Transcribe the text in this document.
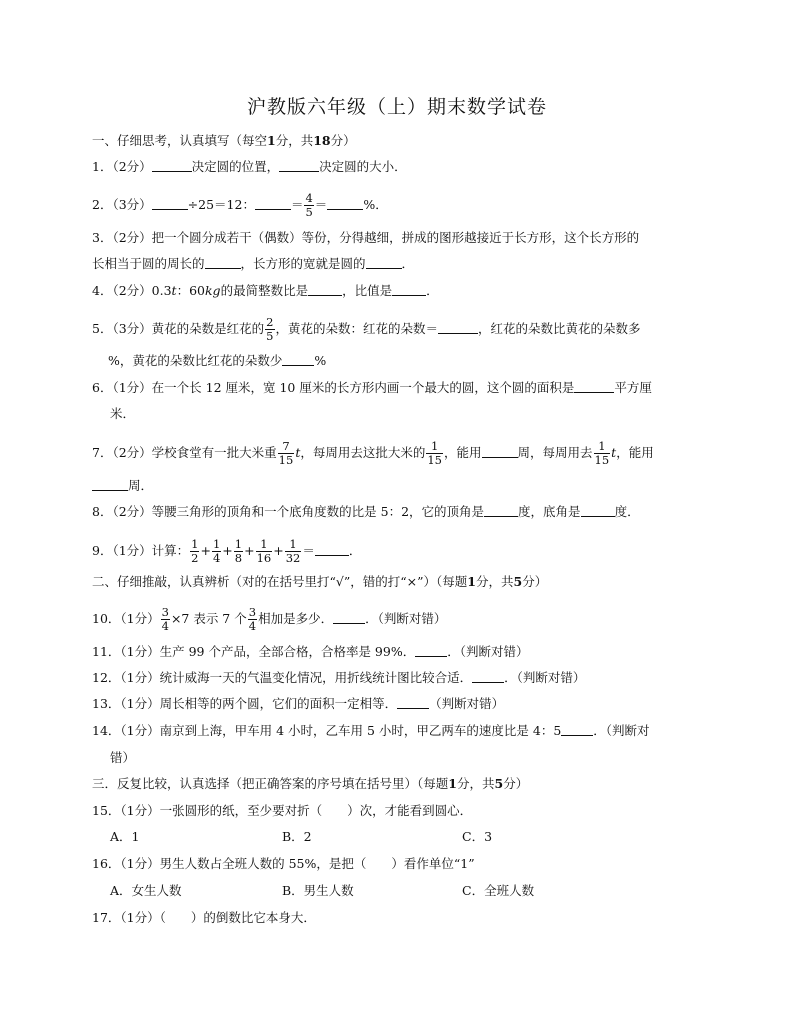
沪教版六年级（上）期末数学试卷
一、仔细思考，认真填写（每空1分，共18分）
1．（2分）	决定圆的位置，	决定圆的大小．
2．（3分）	÷25＝12：	＝ $\frac{4}{5}$ ＝	%．
3．（2分）把一个圆分成若干（偶数）等份，分得越细，拼成的图形越接近于长方形，这个长方形的
长相当于圆的周长的	，长方形的宽就是圆的	．
4．（2分）0.3t：60kg的最简整数比是	，比值是	．
5．（3分）黄花的朵数是红花的 $\frac{2}{5}$ ，黄花的朵数：红花的朵数＝	，红花的朵数比黄花的朵数多
%，黄花的朵数比红花的朵数少	%
6．（1分）在一个长 12 厘米，宽 10 厘米的长方形内画一个最大的圆，这个圆的面积是	平方厘
米．
7．（2分）学校食堂有一批大米重 $\frac{7}{15}$ t，每周用去这批大米的 $\frac{1}{15}$ ，能用	周，每周用去 $\frac{1}{15}$ t，能用
周．
8．（2分）等腰三角形的顶角和一个底角度数的比是 5：2，它的顶角是	度，底角是	度．
9．（1分）计算： $\frac{1}{2} + \frac{1}{4} + \frac{1}{8} + \frac{1}{16} + \frac{1}{32}$ ＝	．
二、仔细推敲，认真辨析（对的在括号里打“√”，错的打“×”）（每题1分，共5分）
10．（1分） $\frac{3}{4} \times 7$ 表示 7 个 $\frac{3}{4}$ 相加是多少．	．（判断对错）
11．（1分）生产 99 个产品，全部合格，合格率是 99%．	．（判断对错）
12．（1分）统计威海一天的气温变化情况，用折线统计图比较合适．	．（判断对错）
13．（1分）周长相等的两个圆，它们的面积一定相等．	（判断对错）
14．（1分）南京到上海，甲车用 4 小时，乙车用 5 小时，甲乙两车的速度比是 4：5	．（判断对
错）
三．反复比较，认真选择（把正确答案的序号填在括号里）（每题1分，共5分）
15．（1分）一张圆形的纸，至少要对折（　　）次，才能看到圆心．
A．1	B．2	C．3
16．（1分）男生人数占全班人数的 55%，是把（　　）看作单位“1”
A．女生人数	B．男生人数	C．全班人数
17．（1分）（　　）的倒数比它本身大．
